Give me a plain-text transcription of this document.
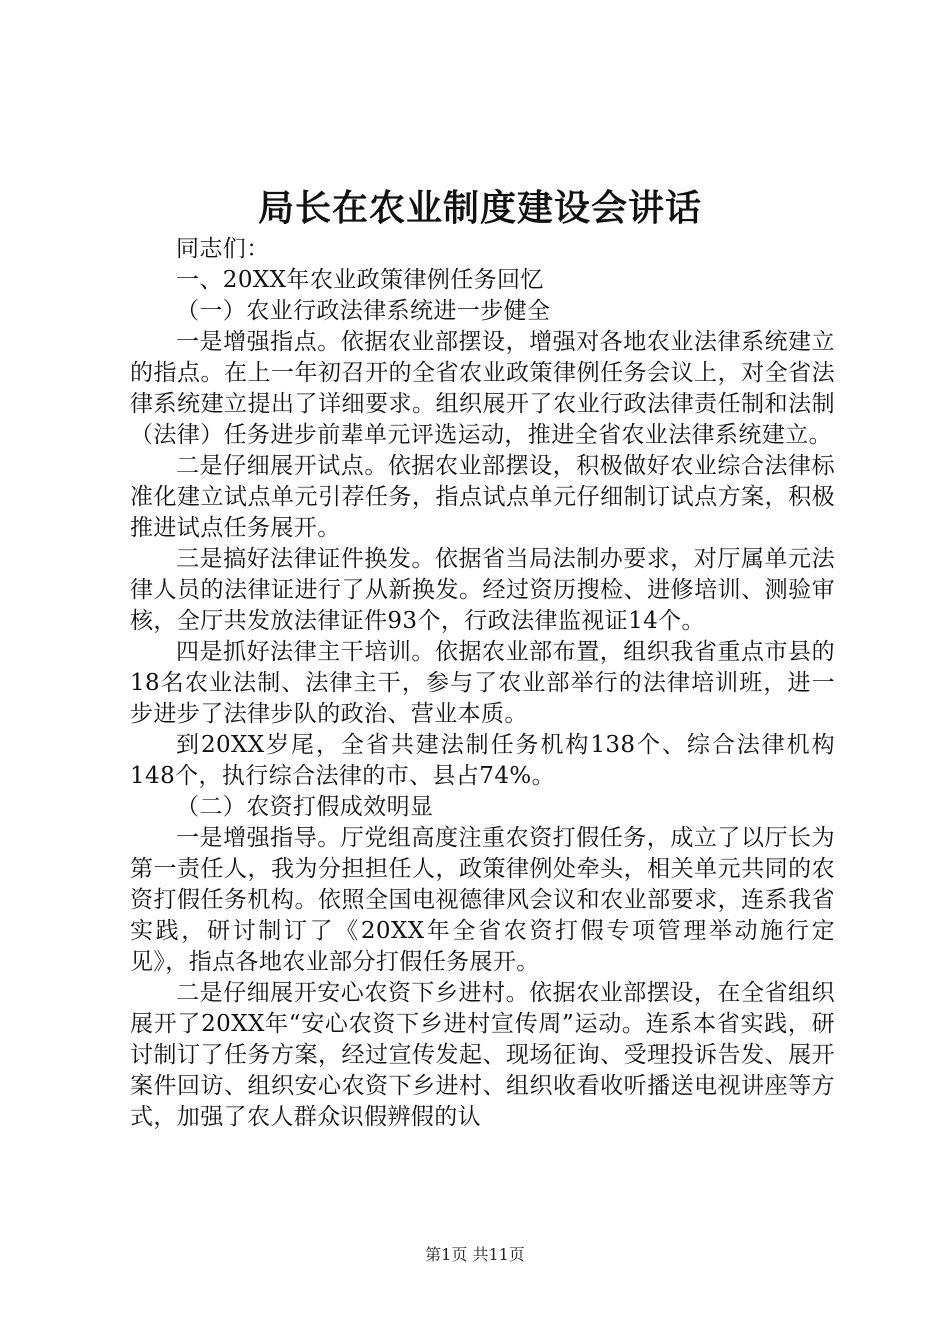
局长在农业制度建设会讲话

同志们：

一、20XX年农业政策律例任务回忆

（一）农业行政法律系统进一步健全

一是增强指点。依据农业部摆设，增强对各地农业法律系统建立的指点。在上一年初召开的全省农业政策律例任务会议上，对全省法律系统建立提出了详细要求。组织展开了农业行政法律责任制和法制（法律）任务进步前辈单元评选运动，推进全省农业法律系统建立。

二是仔细展开试点。依据农业部摆设，积极做好农业综合法律标准化建立试点单元引荐任务，指点试点单元仔细制订试点方案，积极推进试点任务展开。

三是搞好法律证件换发。依据省当局法制办要求，对厅属单元法律人员的法律证进行了从新换发。经过资历搜检、进修培训、测验审核，全厅共发放法律证件93个，行政法律监视证14个。

四是抓好法律主干培训。依据农业部布置，组织我省重点市县的18名农业法制、法律主干，参与了农业部举行的法律培训班，进一步进步了法律步队的政治、营业本质。

到20XX岁尾，全省共建法制任务机构138个、综合法律机构148个，执行综合法律的市、县占74%。

（二）农资打假成效明显

一是增强指导。厅党组高度注重农资打假任务，成立了以厅长为第一责任人，我为分担担任人，政策律例处牵头，相关单元共同的农资打假任务机构。依照全国电视德律风会议和农业部要求，连系我省实践，研讨制订了《20XX年全省农资打假专项管理举动施行定见》，指点各地农业部分打假任务展开。

二是仔细展开安心农资下乡进村。依据农业部摆设，在全省组织展开了20XX年“安心农资下乡进村宣传周”运动。连系本省实践，研讨制订了任务方案，经过宣传发起、现场征询、受理投诉告发、展开案件回访、组织安心农资下乡进村、组织收看收听播送电视讲座等方式，加强了农人群众识假辨假的认

第1页 共11页
